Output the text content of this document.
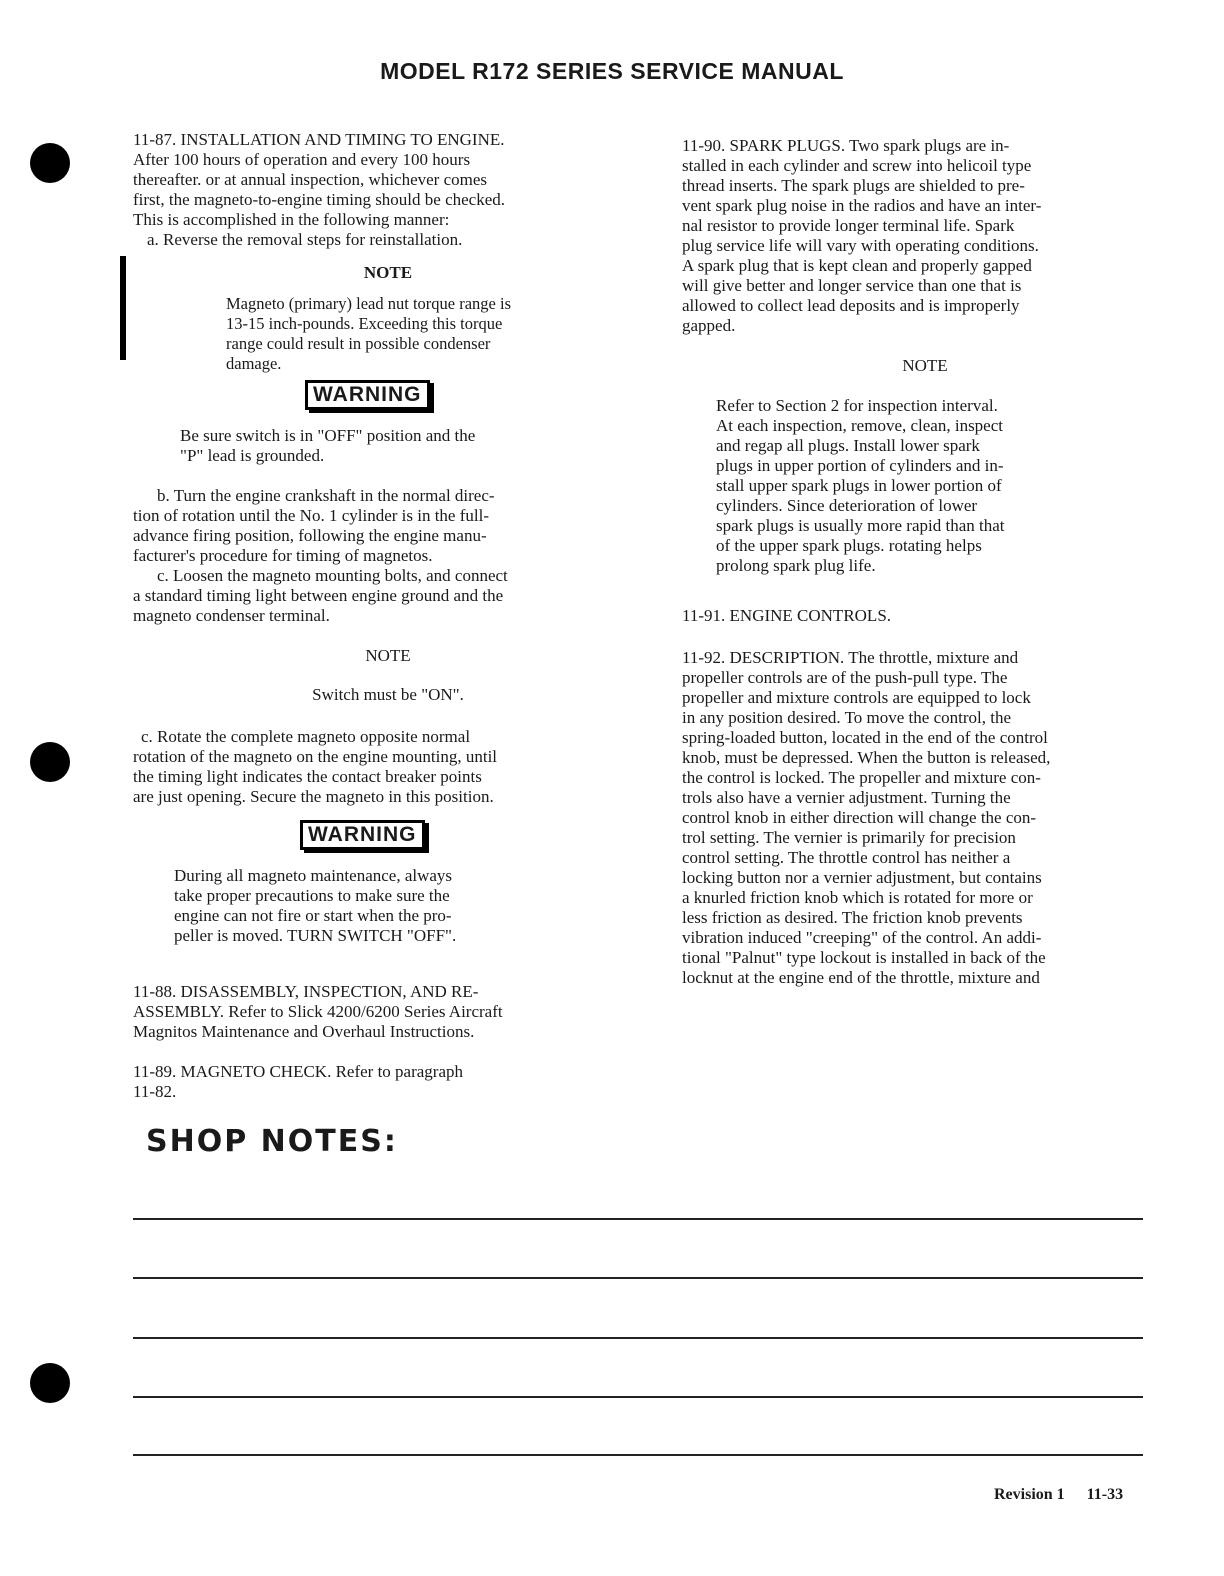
MODEL R172 SERIES SERVICE MANUAL

11-87. INSTALLATION AND TIMING TO ENGINE.

After 100 hours of operation and every 100 hours

thereafter. or at annual inspection, whichever comes

first, the magneto-to-engine timing should be checked.

This is accomplished in the following manner:

a. Reverse the removal steps for reinstallation.

NOTE

Magneto (primary) lead nut torque range is

13-15 inch-pounds. Exceeding this torque

range could result in possible condenser

damage.

WARNING

Be sure switch is in "OFF" position and the

"P" lead is grounded.

b. Turn the engine crankshaft in the normal direc-

tion of rotation until the No. 1 cylinder is in the full-

advance firing position, following the engine manu-

facturer's procedure for timing of magnetos.

c. Loosen the magneto mounting bolts, and connect

a standard timing light between engine ground and the

magneto condenser terminal.

NOTE

Switch must be "ON".

c. Rotate the complete magneto opposite normal

rotation of the magneto on the engine mounting, until

the timing light indicates the contact breaker points

are just opening. Secure the magneto in this position.

WARNING

During all magneto maintenance, always

take proper precautions to make sure the

engine can not fire or start when the pro-

peller is moved. TURN SWITCH "OFF".

11-88. DISASSEMBLY, INSPECTION, AND RE-

ASSEMBLY. Refer to Slick 4200/6200 Series Aircraft

Magnitos Maintenance and Overhaul Instructions.

11-89. MAGNETO CHECK. Refer to paragraph

11-82.

11-90. SPARK PLUGS. Two spark plugs are in-

stalled in each cylinder and screw into helicoil type

thread inserts. The spark plugs are shielded to pre-

vent spark plug noise in the radios and have an inter-

nal resistor to provide longer terminal life. Spark

plug service life will vary with operating conditions.

A spark plug that is kept clean and properly gapped

will give better and longer service than one that is

allowed to collect lead deposits and is improperly

gapped.

NOTE

Refer to Section 2 for inspection interval.

At each inspection, remove, clean, inspect

and regap all plugs. Install lower spark

plugs in upper portion of cylinders and in-

stall upper spark plugs in lower portion of

cylinders. Since deterioration of lower

spark plugs is usually more rapid than that

of the upper spark plugs. rotating helps

prolong spark plug life.

11-91. ENGINE CONTROLS.

11-92. DESCRIPTION. The throttle, mixture and

propeller controls are of the push-pull type. The

propeller and mixture controls are equipped to lock

in any position desired. To move the control, the

spring-loaded button, located in the end of the control

knob, must be depressed. When the button is released,

the control is locked. The propeller and mixture con-

trols also have a vernier adjustment. Turning the

control knob in either direction will change the con-

trol setting. The vernier is primarily for precision

control setting. The throttle control has neither a

locking button nor a vernier adjustment, but contains

a knurled friction knob which is rotated for more or

less friction as desired. The friction knob prevents

vibration induced "creeping" of the control. An addi-

tional "Palnut" type lockout is installed in back of the

locknut at the engine end of the throttle, mixture and

SHOP NOTES:
Revision 1 11-33
